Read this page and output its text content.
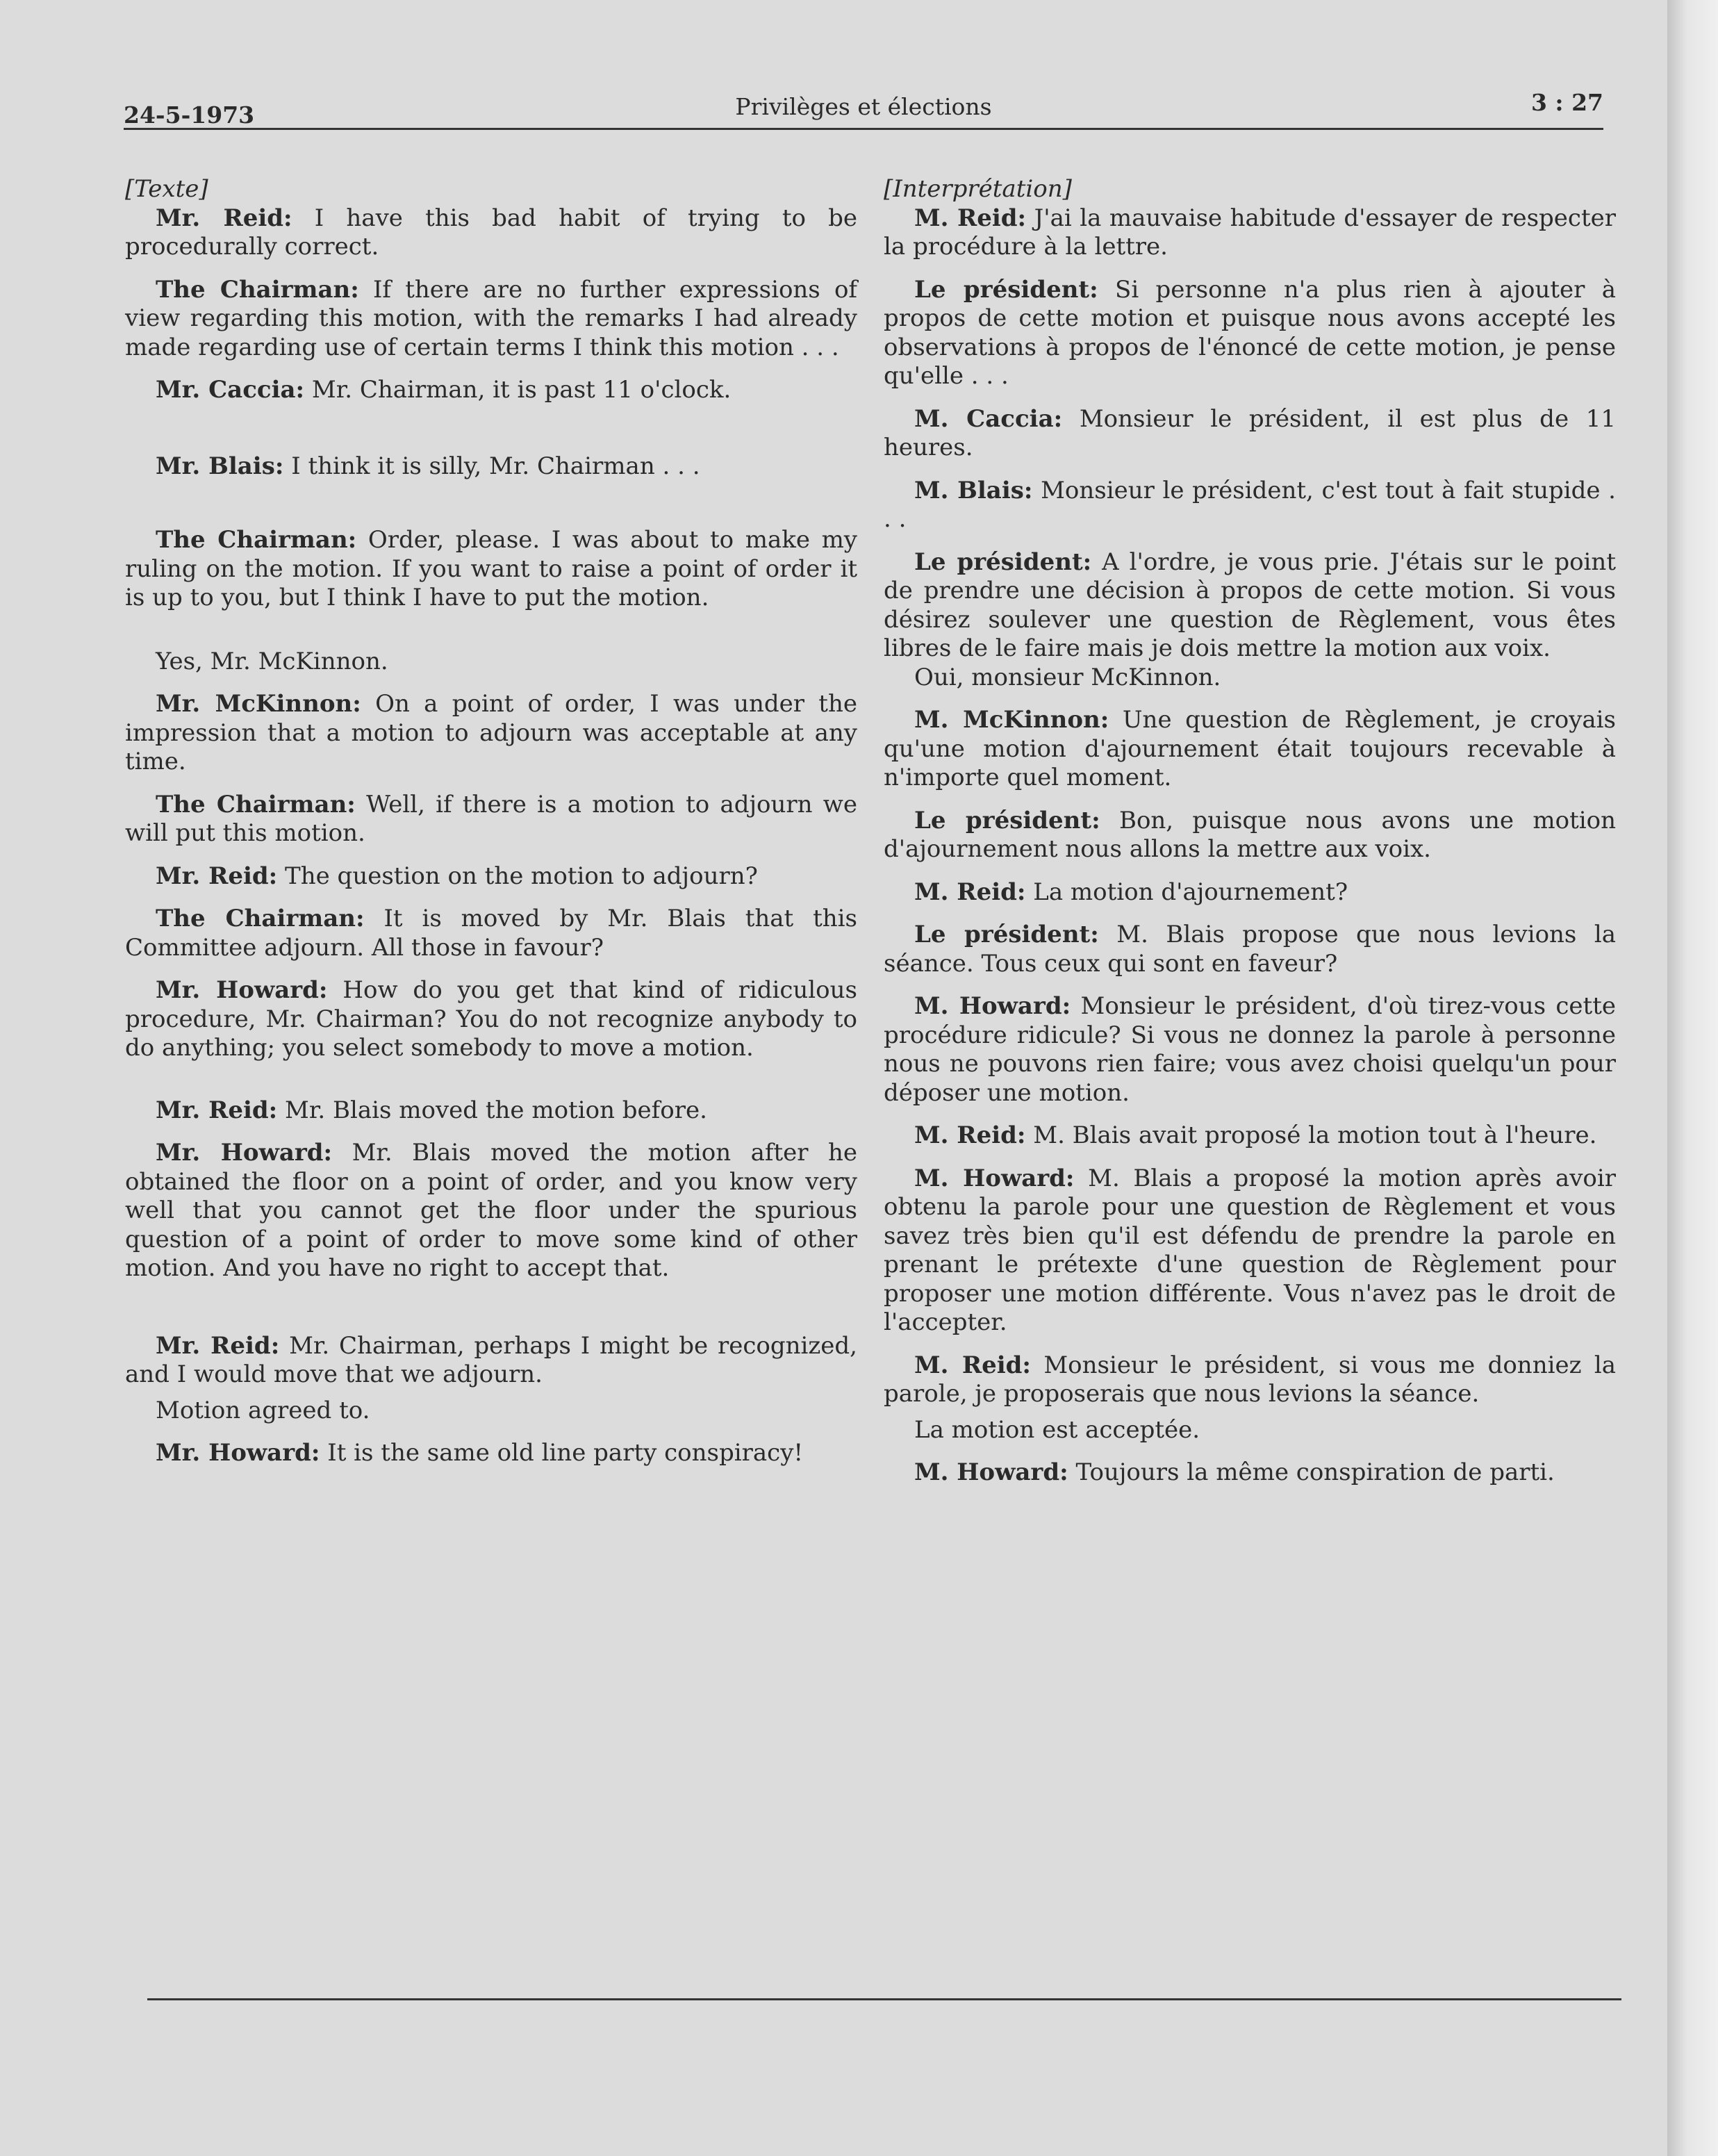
24-5-1973	Privilèges et élections	3 : 27

[Texte]

Mr. Reid: I have this bad habit of trying to be procedurally correct.

The Chairman: If there are no further expressions of view regarding this motion, with the remarks I had already made regarding use of certain terms I think this motion . . .

Mr. Caccia: Mr. Chairman, it is past 11 o'clock.

Mr. Blais: I think it is silly, Mr. Chairman . . .

The Chairman: Order, please. I was about to make my ruling on the motion. If you want to raise a point of order it is up to you, but I think I have to put the motion.

Yes, Mr. McKinnon.

Mr. McKinnon: On a point of order, I was under the impression that a motion to adjourn was acceptable at any time.

The Chairman: Well, if there is a motion to adjourn we will put this motion.

Mr. Reid: The question on the motion to adjourn?

The Chairman: It is moved by Mr. Blais that this Committee adjourn. All those in favour?

Mr. Howard: How do you get that kind of ridiculous procedure, Mr. Chairman? You do not recognize anybody to do anything; you select somebody to move a motion.

Mr. Reid: Mr. Blais moved the motion before.

Mr. Howard: Mr. Blais moved the motion after he obtained the floor on a point of order, and you know very well that you cannot get the floor under the spurious question of a point of order to move some kind of other motion. And you have no right to accept that.

Mr. Reid: Mr. Chairman, perhaps I might be recognized, and I would move that we adjourn.

Motion agreed to.

Mr. Howard: It is the same old line party conspiracy!

[Interprétation]

M. Reid: J'ai la mauvaise habitude d'essayer de respecter la procédure à la lettre.

Le président: Si personne n'a plus rien à ajouter à propos de cette motion et puisque nous avons accepté les observations à propos de l'énoncé de cette motion, je pense qu'elle . . .

M. Caccia: Monsieur le président, il est plus de 11 heures.

M. Blais: Monsieur le président, c'est tout à fait stupide . . .

Le président: A l'ordre, je vous prie. J'étais sur le point de prendre une décision à propos de cette motion. Si vous désirez soulever une question de Règlement, vous êtes libres de le faire mais je dois mettre la motion aux voix.

Oui, monsieur McKinnon.

M. McKinnon: Une question de Règlement, je croyais qu'une motion d'ajournement était toujours recevable à n'importe quel moment.

Le président: Bon, puisque nous avons une motion d'ajournement nous allons la mettre aux voix.

M. Reid: La motion d'ajournement?

Le président: M. Blais propose que nous levions la séance. Tous ceux qui sont en faveur?

M. Howard: Monsieur le président, d'où tirez-vous cette procédure ridicule? Si vous ne donnez la parole à personne nous ne pouvons rien faire; vous avez choisi quelqu'un pour déposer une motion.

M. Reid: M. Blais avait proposé la motion tout à l'heure.

M. Howard: M. Blais a proposé la motion après avoir obtenu la parole pour une question de Règlement et vous savez très bien qu'il est défendu de prendre la parole en prenant le prétexte d'une question de Règlement pour proposer une motion différente. Vous n'avez pas le droit de l'accepter.

M. Reid: Monsieur le président, si vous me donniez la parole, je proposerais que nous levions la séance.

La motion est acceptée.

M. Howard: Toujours la même conspiration de parti.
